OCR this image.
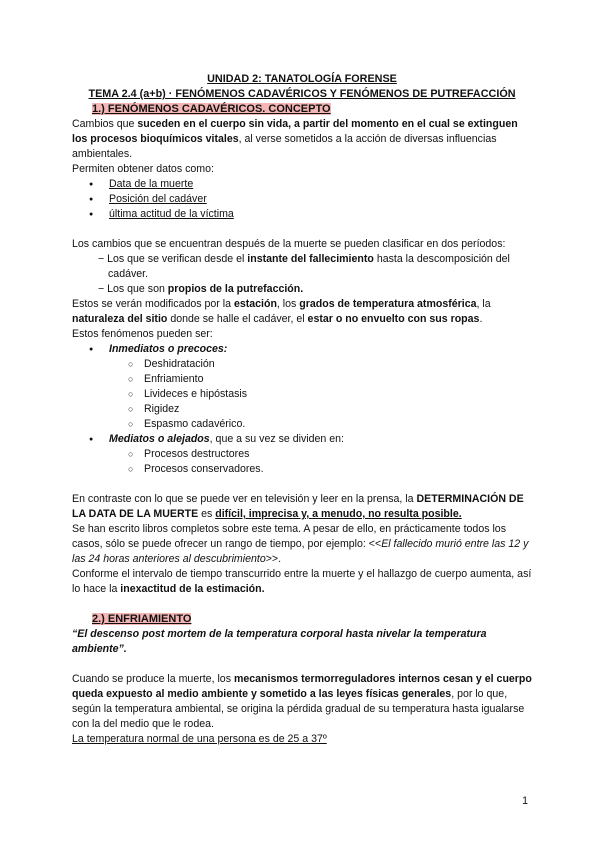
UNIDAD 2: TANATOLOGÍA FORENSE

TEMA 2.4 (a+b) · FENÓMENOS CADAVÉRICOS Y FENÓMENOS DE PUTREFACCIÓN

1.) FENÓMENOS CADAVÉRICOS. CONCEPTO

Cambios que suceden en el cuerpo sin vida, a partir del momento en el cual se extinguen los procesos bioquímicos vitales, al verse sometidos a la acción de diversas influencias ambientales.

Permiten obtener datos como:

● Data de la muerte
● Posición del cadáver
● última actitud de la víctima

Los cambios que se encuentran después de la muerte se pueden clasificar en dos períodos:

− Los que se verifican desde el instante del fallecimiento hasta la descomposición del cadáver.

− Los que son propios de la putrefacción.

Estos se verán modificados por la estación, los grados de temperatura atmosférica, la naturaleza del sitio donde se halle el cadáver, el estar o no envuelto con sus ropas.

Estos fenómenos pueden ser:

● Inmediatos o precoces:
○ Deshidratación
○ Enfriamiento
○ Livideces e hipóstasis
○ Rigidez
○ Espasmo cadavérico.
● Mediatos o alejados, que a su vez se dividen en:
○ Procesos destructores
○ Procesos conservadores.

En contraste con lo que se puede ver en televisión y leer en la prensa, la DETERMINACIÓN DE LA DATA DE LA MUERTE es difícil, imprecisa y, a menudo, no resulta posible.

Se han escrito libros completos sobre este tema. A pesar de ello, en prácticamente todos los casos, sólo se puede ofrecer un rango de tiempo, por ejemplo: <<El fallecido murió entre las 12 y las 24 horas anteriores al descubrimiento>>.

Conforme el intervalo de tiempo transcurrido entre la muerte y el hallazgo de cuerpo aumenta, así lo hace la inexactitud de la estimación.

2.) ENFRIAMIENTO

“El descenso post mortem de la temperatura corporal hasta nivelar la temperatura ambiente”.

Cuando se produce la muerte, los mecanismos termorreguladores internos cesan y el cuerpo queda expuesto al medio ambiente y sometido a las leyes físicas generales, por lo que, según la temperatura ambiental, se origina la pérdida gradual de su temperatura hasta igualarse con la del medio que le rodea.

La temperatura normal de una persona es de 25 a 37º

1
